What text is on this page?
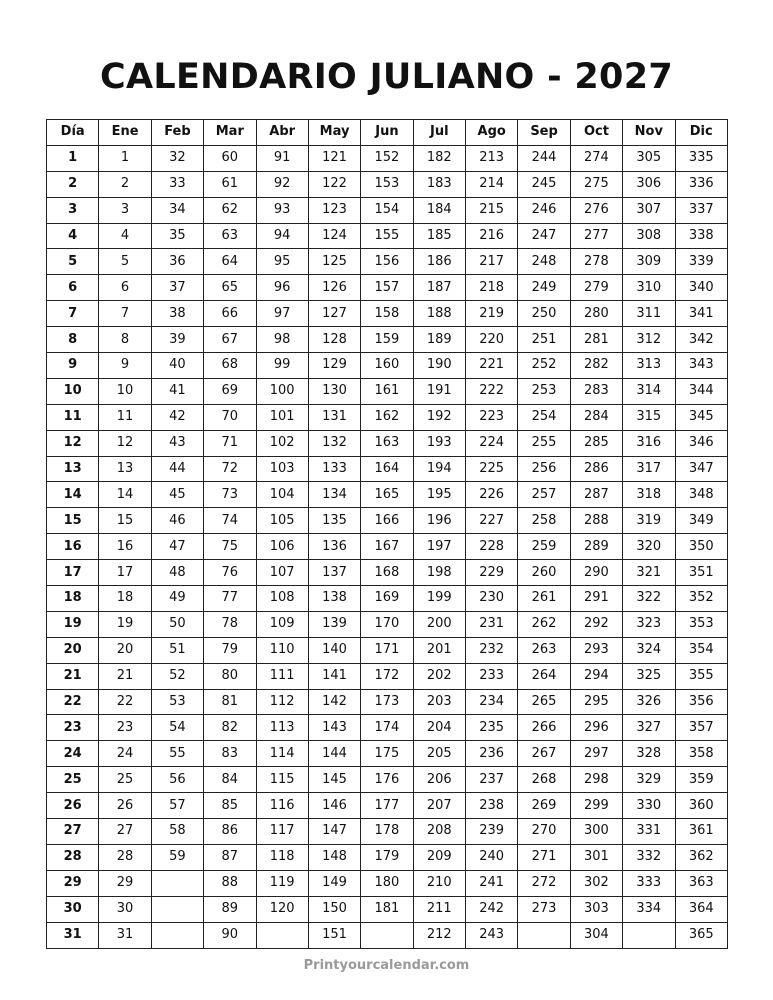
CALENDARIO JULIANO - 2027
Día	Ene	Feb	Mar	Abr	May	Jun	Jul	Ago	Sep	Oct	Nov	Dic
1	1	32	60	91	121	152	182	213	244	274	305	335
2	2	33	61	92	122	153	183	214	245	275	306	336
3	3	34	62	93	123	154	184	215	246	276	307	337
4	4	35	63	94	124	155	185	216	247	277	308	338
5	5	36	64	95	125	156	186	217	248	278	309	339
6	6	37	65	96	126	157	187	218	249	279	310	340
7	7	38	66	97	127	158	188	219	250	280	311	341
8	8	39	67	98	128	159	189	220	251	281	312	342
9	9	40	68	99	129	160	190	221	252	282	313	343
10	10	41	69	100	130	161	191	222	253	283	314	344
11	11	42	70	101	131	162	192	223	254	284	315	345
12	12	43	71	102	132	163	193	224	255	285	316	346
13	13	44	72	103	133	164	194	225	256	286	317	347
14	14	45	73	104	134	165	195	226	257	287	318	348
15	15	46	74	105	135	166	196	227	258	288	319	349
16	16	47	75	106	136	167	197	228	259	289	320	350
17	17	48	76	107	137	168	198	229	260	290	321	351
18	18	49	77	108	138	169	199	230	261	291	322	352
19	19	50	78	109	139	170	200	231	262	292	323	353
20	20	51	79	110	140	171	201	232	263	293	324	354
21	21	52	80	111	141	172	202	233	264	294	325	355
22	22	53	81	112	142	173	203	234	265	295	326	356
23	23	54	82	113	143	174	204	235	266	296	327	357
24	24	55	83	114	144	175	205	236	267	297	328	358
25	25	56	84	115	145	176	206	237	268	298	329	359
26	26	57	85	116	146	177	207	238	269	299	330	360
27	27	58	86	117	147	178	208	239	270	300	331	361
28	28	59	87	118	148	179	209	240	271	301	332	362
29	29		88	119	149	180	210	241	272	302	333	363
30	30		89	120	150	181	211	242	273	303	334	364
31	31		90		151		212	243		304		365
Printyourcalendar.com
